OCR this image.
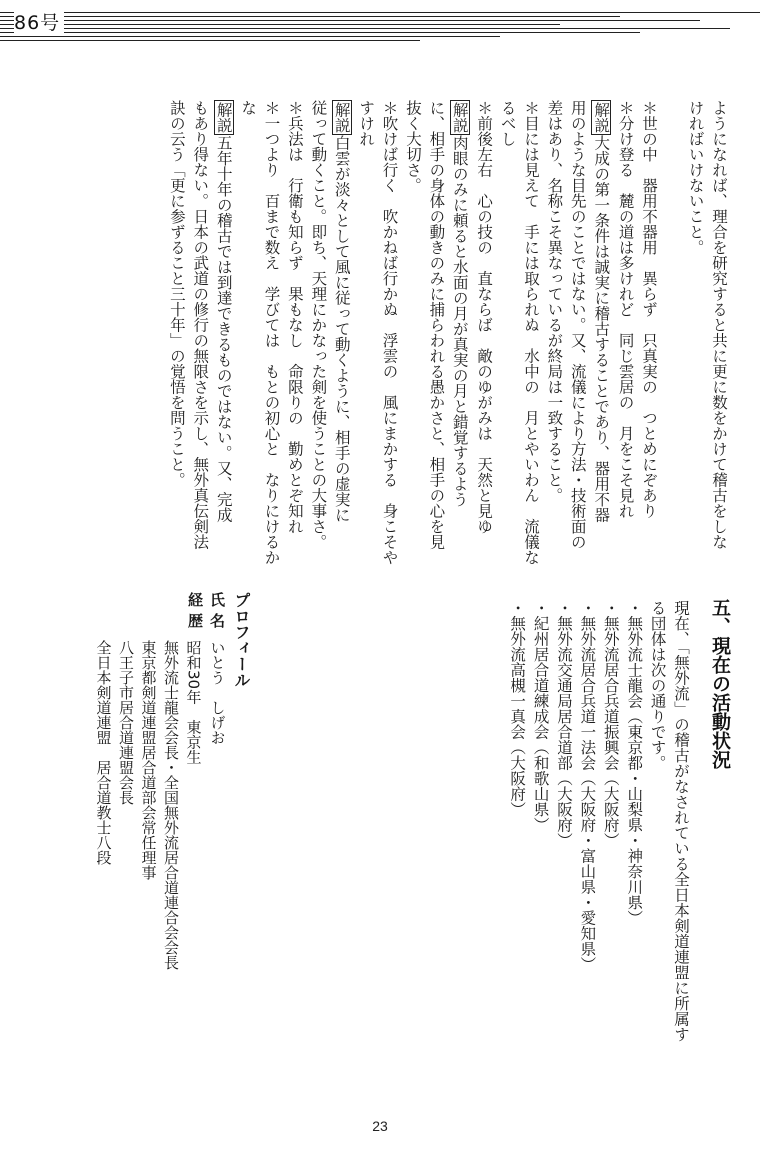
86号
ようになれば、理合を研究すると共に更に数をかけて稽古をしな
ければいけないこと。
＊世の中　器用不器用　異らず　只真実の　つとめにぞあり
＊分け登る　麓の道は多けれど　同じ雲居の　月をこそ見れ
解説大成の第一条件は誠実に稽古することであり、器用不器
用のような目先のことではない。又、流儀により方法・技術面の
差はあり、名称こそ異なっているが終局は一致すること。
＊目には見えて　手には取られぬ　水中の　月とやいわん　流儀な
るべし
＊前後左右　心の技の　直ならば　敵のゆがみは　天然と見ゆ
解説肉眼のみに頼ると水面の月が真実の月と錯覚するよう
に、相手の身体の動きのみに捕らわれる愚かさと、相手の心を見
抜く大切さ。
＊吹けば行く　吹かねば行かぬ　浮雲の　風にまかする　身こそや
すけれ
解説白雲が淡々として風に従って動くように、相手の虚実に
従って動くこと。即ち、天理にかなった剣を使うことの大事さ。
＊兵法は　行衛も知らず　果もなし　命限りの　勤めとぞ知れ
＊一つより　百まで数え　学びては　もとの初心と　なりにけるか
な
解説五年十年の稽古では到達できるものではない。又、完成
もあり得ない。日本の武道の修行の無限さを示し、無外真伝剣法
訣の云う「更に参ずること三十年」の覚悟を問うこと。
五、現在の活動状況
現在、「無外流」の稽古がなされている全日本剣道連盟に所属す
る団体は次の通りです。
・無外流士龍会（東京都・山梨県・神奈川県）
・無外流居合兵道振興会（大阪府）
・無外流居合兵道一法会（大阪府・富山県・愛知県）
・無外流交通局居合道部（大阪府）
・紀州居合道練成会（和歌山県）
・無外流高槻一真会（大阪府）
プロフィール
氏名
いとう　しげお
経歴
昭和30年　東京生
無外流士龍会会長・全国無外流居合道連合会会長
東京都剣道連盟居合道部会常任理事
八王子市居合道連盟会長
全日本剣道連盟　居合道教士八段
23
